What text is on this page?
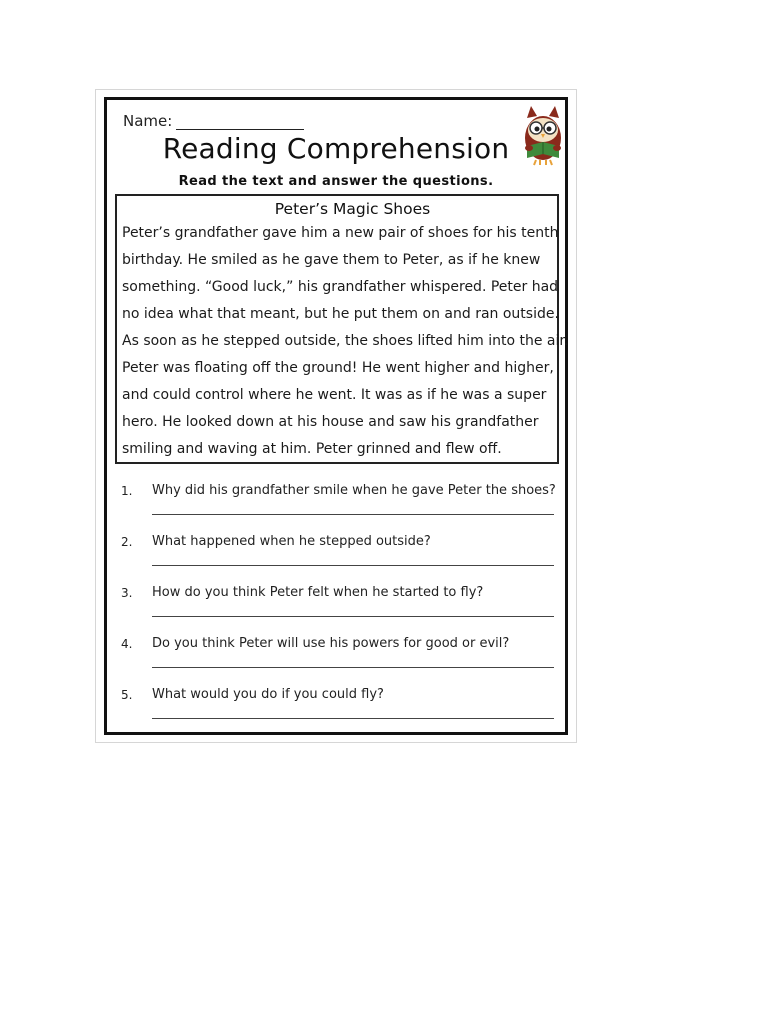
Name:
Reading Comprehension
Read the text and answer the questions.
Peter’s Magic Shoes
Peter’s grandfather gave him a new pair of shoes for his tenth
birthday. He smiled as he gave them to Peter, as if he knew
something. “Good luck,” his grandfather whispered. Peter had
no idea what that meant, but he put them on and ran outside.
As soon as he stepped outside, the shoes lifted him into the air.
Peter was floating off the ground! He went higher and higher,
and could control where he went. It was as if he was a super
hero. He looked down at his house and saw his grandfather
smiling and waving at him. Peter grinned and flew off.
1. Why did his grandfather smile when he gave Peter the shoes?
2. What happened when he stepped outside?
3. How do you think Peter felt when he started to fly?
4. Do you think Peter will use his powers for good or evil?
5. What would you do if you could fly?
